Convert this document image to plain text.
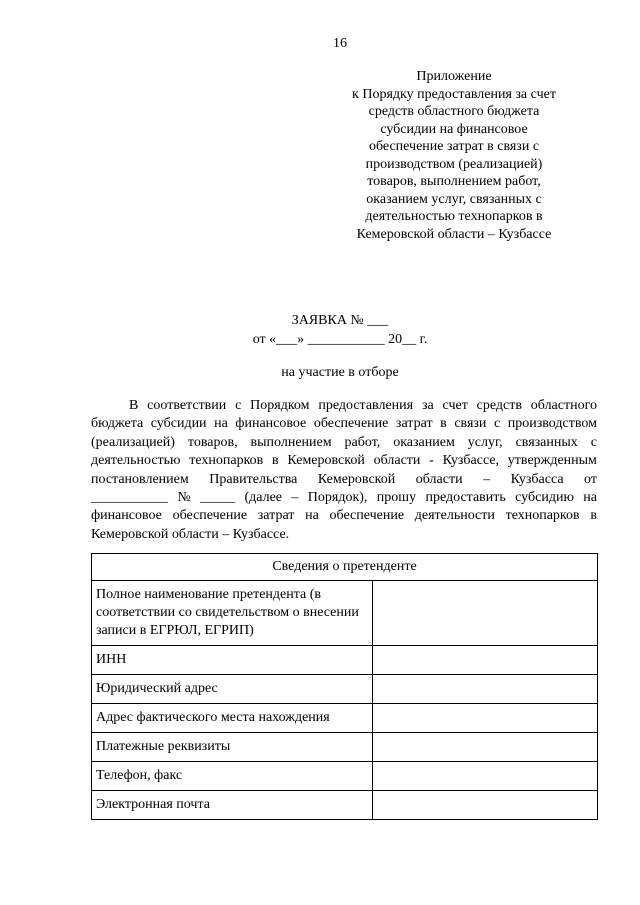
16
Приложение
к Порядку предоставления за счет
средств областного бюджета
субсидии на финансовое
обеспечение затрат в связи с
производством (реализацией)
товаров, выполнением работ,
оказанием услуг, связанных с
деятельностью технопарков в
Кемеровской области – Кузбассе
ЗАЯВКА № ___
от «___» ___________ 20__ г.
на участие в отборе
В соответствии с Порядком предоставления за счет средств областного
бюджета субсидии на финансовое обеспечение затрат в связи с производством
(реализацией) товаров, выполнением работ, оказанием услуг, связанных с
деятельностью технопарков в Кемеровской области - Кузбассе, утвержденным
постановлением Правительства Кемеровской области – Кузбасса от
___________ № _____ (далее – Порядок), прошу предоставить субсидию на
финансовое обеспечение затрат на обеспечение деятельности технопарков в
Кемеровской области – Кузбассе.
Сведения о претенденте	
Полное наименование претендента (в соответствии со свидетельством о внесении записи в ЕГРЮЛ, ЕГРИП)	
ИНН	
Юридический адрес	
Адрес фактического места нахождения	
Платежные реквизиты	
Телефон, факс	
Электронная почта	
